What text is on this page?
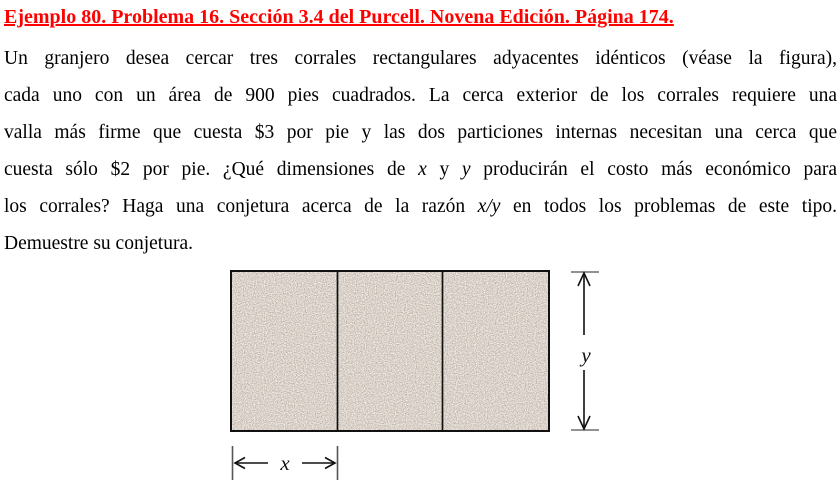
Ejemplo 80. Problema 16. Sección 3.4 del Purcell. Novena Edición. Página 174.
Un granjero desea cercar tres corrales rectangulares adyacentes idénticos (véase la figura),
cada uno con un área de 900 pies cuadrados. La cerca exterior de los corrales requiere una
valla más firme que cuesta $3 por pie y las dos particiones internas necesitan una cerca que
cuesta sólo $2 por pie. ¿Qué dimensiones de x y y producirán el costo más económico para
los corrales? Haga una conjetura acerca de la razón x/y en todos los problemas de este tipo.
Demuestre su conjetura.
y
x
